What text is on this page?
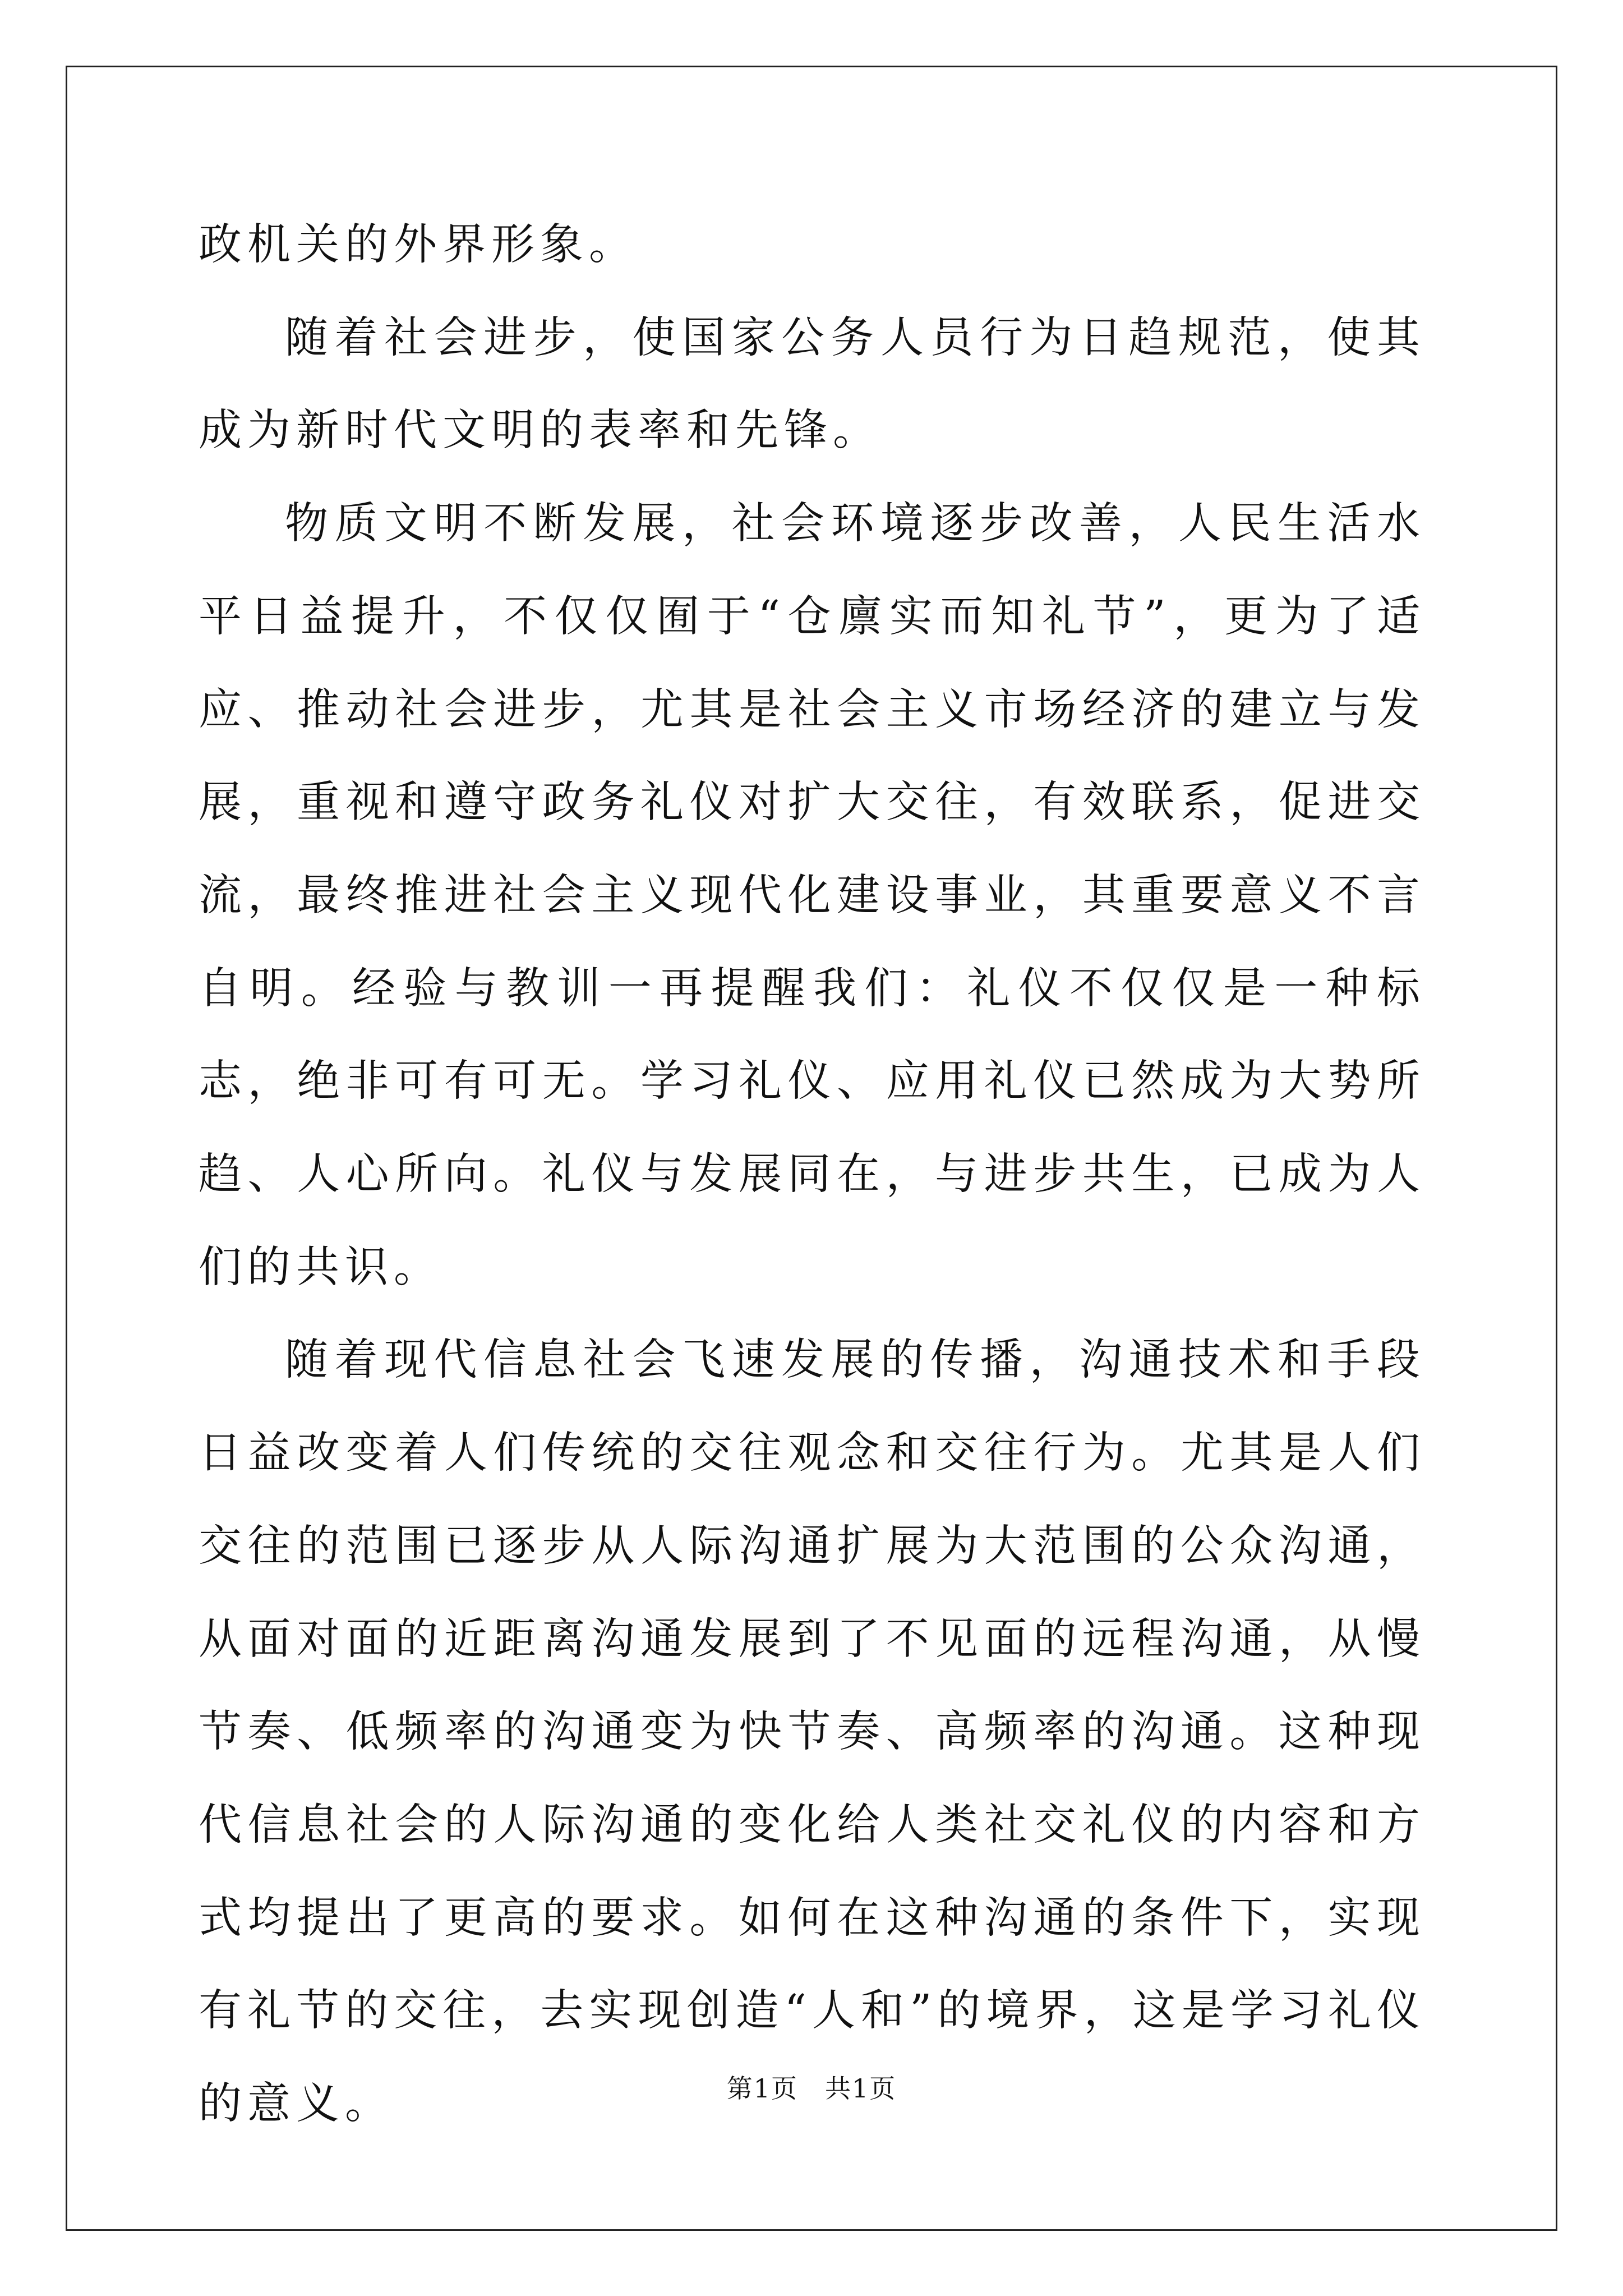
政机关的外界形象。

随着社会进步，使国家公务人员行为日趋规范，使其成为新时代文明的表率和先锋。

物质文明不断发展，社会环境逐步改善，人民生活水平日益提升，不仅仅囿于“仓廪实而知礼节”，更为了适应、推动社会进步，尤其是社会主义市场经济的建立与发展，重视和遵守政务礼仪对扩大交往，有效联系，促进交流，最终推进社会主义现代化建设事业，其重要意义不言自明。经验与教训一再提醒我们：礼仪不仅仅是一种标志，绝非可有可无。学习礼仪、应用礼仪已然成为大势所趋、人心所向。礼仪与发展同在，与进步共生，已成为人们的共识。

随着现代信息社会飞速发展的传播，沟通技术和手段日益改变着人们传统的交往观念和交往行为。尤其是人们交往的范围已逐步从人际沟通扩展为大范围的公众沟通，从面对面的近距离沟通发展到了不见面的远程沟通，从慢节奏、低频率的沟通变为快节奏、高频率的沟通。这种现代信息社会的人际沟通的变化给人类社交礼仪的内容和方式均提出了更高的要求。如何在这种沟通的条件下，实现有礼节的交往，去实现创造“人和”的境界，这是学习礼仪的意义。	第1页　共1页
